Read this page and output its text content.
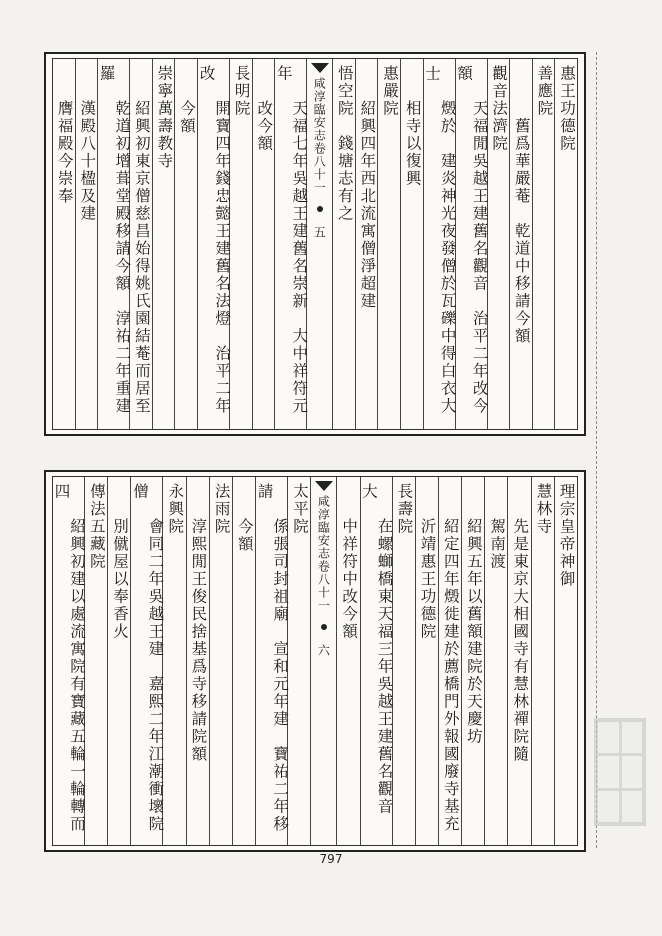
惠王功德院
善應院
　　　舊爲華嚴菴　乾道中移請今額
觀音法濟院
　　天福閒吳越王建舊名觀音　治平二年改今額
　　燬於　建炎神光夜發僧於瓦礫中得白衣大士
　　相寺以復興
惠嚴院
　　紹興四年西北流寓僧淨超建
悟空院　錢塘志有之
咸淳臨安志卷八十一
五
　　天福七年吳越王建舊名崇新　大中祥符元年
　　改今額
長明院
　　開寶四年錢忠懿王建舊名法燈　治平二年改
　　今額
崇寧萬壽教寺
　　紹興初東京僧慈昌始得姚氏園結菴而居至
　　乾道初增葺堂殿移請今額　淳祐二年重建羅
　　漢殿八十楹及建
　　膺福殿今崇奉
理宗皇帝神御
慧林寺
　　先是東京大相國寺有慧林禪院隨
　　駕南渡
　　紹興五年以舊額建院於天慶坊
　　紹定四年燬徙建於薦橋門外報國廢寺基充
　　沂靖惠王功德院
長壽院
　　在螺螄橋東天福三年吳越王建舊名觀音　大
　　中祥符中改今額
咸淳臨安志卷八十一
六
太平院
　　係張司封祖廟　宣和元年建　寶祐二年移請
　　今額
法雨院
　　淳熙閒王俊民捨基爲寺移請院額
永興院
　　會同二年吳越王建　嘉熙二年江潮衝壞院僧
　　別僦屋以奉香火
傳法五藏院
　　紹興初建以處流寓院有寶藏五輪一輪轉而四
797
